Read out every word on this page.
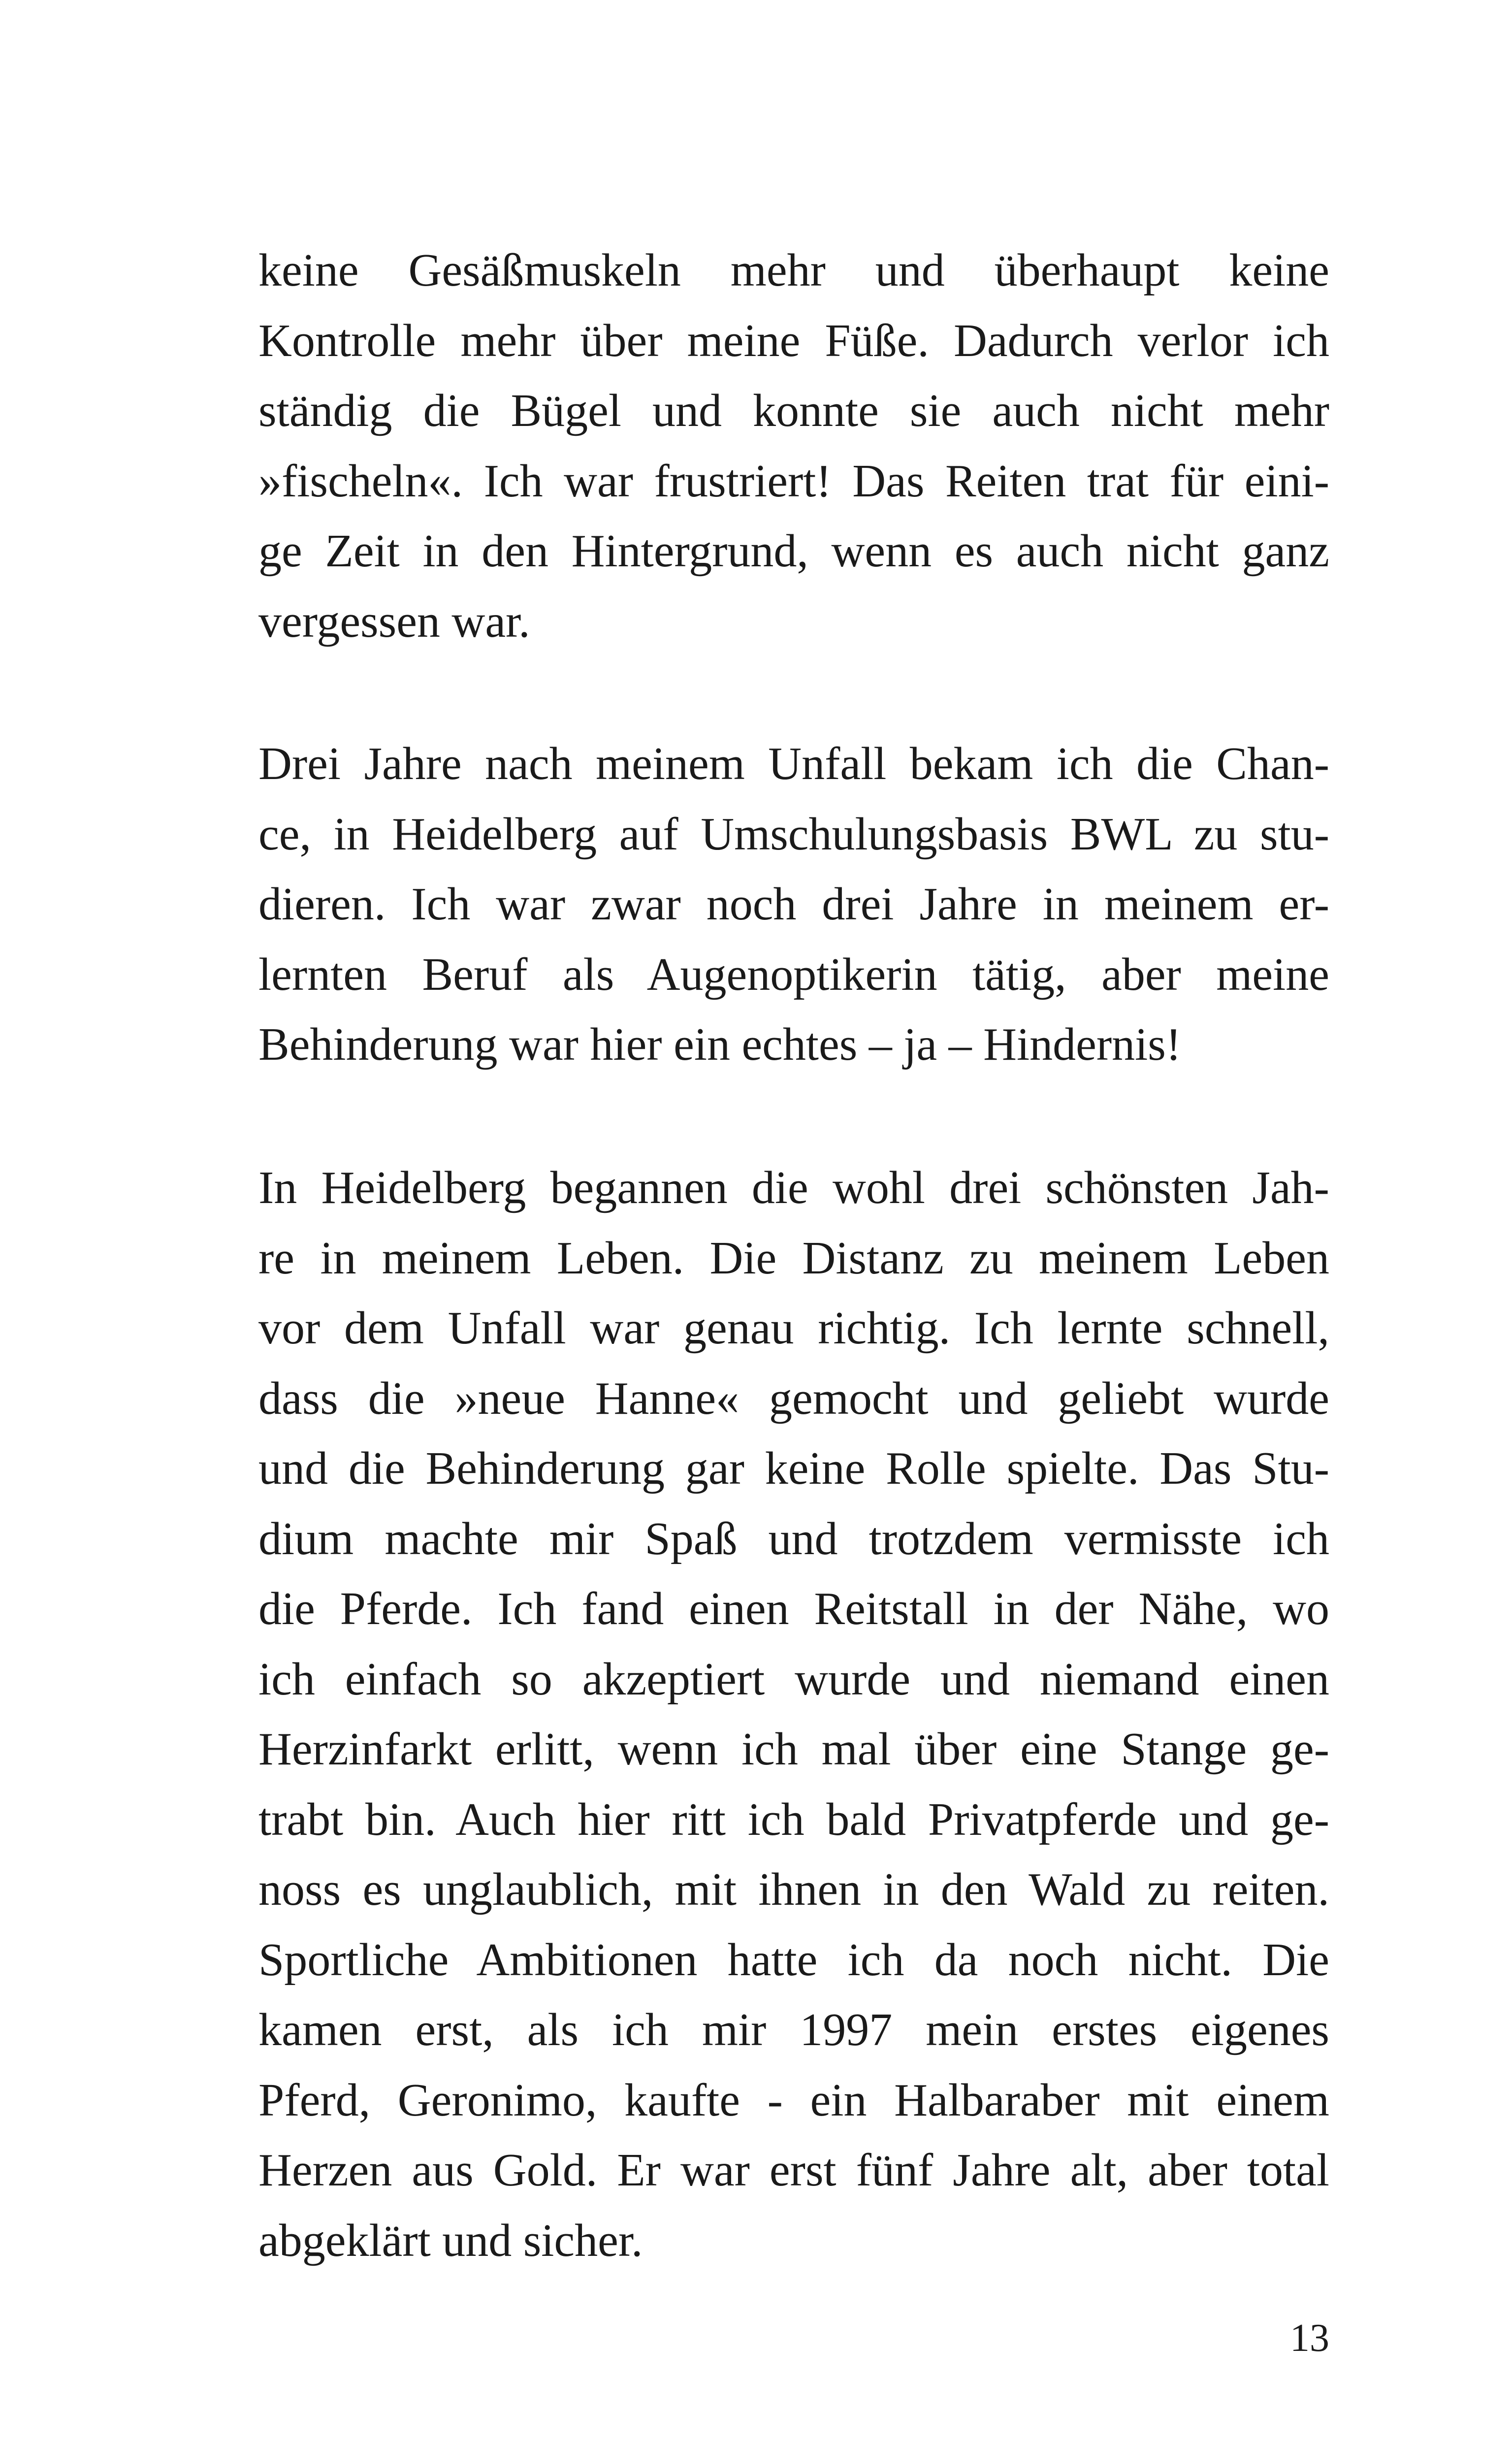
keine Gesäßmuskeln mehr und überhaupt keine
Kontrolle mehr über meine Füße. Dadurch verlor ich
ständig die Bügel und konnte sie auch nicht mehr
»fischeln«. Ich war frustriert! Das Reiten trat für eini-
ge Zeit in den Hintergrund, wenn es auch nicht ganz
vergessen war.
Drei Jahre nach meinem Unfall bekam ich die Chan-
ce, in Heidelberg auf Umschulungsbasis BWL zu stu-
dieren. Ich war zwar noch drei Jahre in meinem er-
lernten Beruf als Augenoptikerin tätig, aber meine
Behinderung war hier ein echtes – ja – Hindernis!
In Heidelberg begannen die wohl drei schönsten Jah-
re in meinem Leben. Die Distanz zu meinem Leben
vor dem Unfall war genau richtig. Ich lernte schnell,
dass die »neue Hanne« gemocht und geliebt wurde
und die Behinderung gar keine Rolle spielte. Das Stu-
dium machte mir Spaß und trotzdem vermisste ich
die Pferde. Ich fand einen Reitstall in der Nähe, wo
ich einfach so akzeptiert wurde und niemand einen
Herzinfarkt erlitt, wenn ich mal über eine Stange ge-
trabt bin. Auch hier ritt ich bald Privatpferde und ge-
noss es unglaublich, mit ihnen in den Wald zu reiten.
Sportliche Ambitionen hatte ich da noch nicht. Die
kamen erst, als ich mir 1997 mein erstes eigenes
Pferd, Geronimo, kaufte - ein Halbaraber mit einem
Herzen aus Gold. Er war erst fünf Jahre alt, aber total
abgeklärt und sicher.
13
